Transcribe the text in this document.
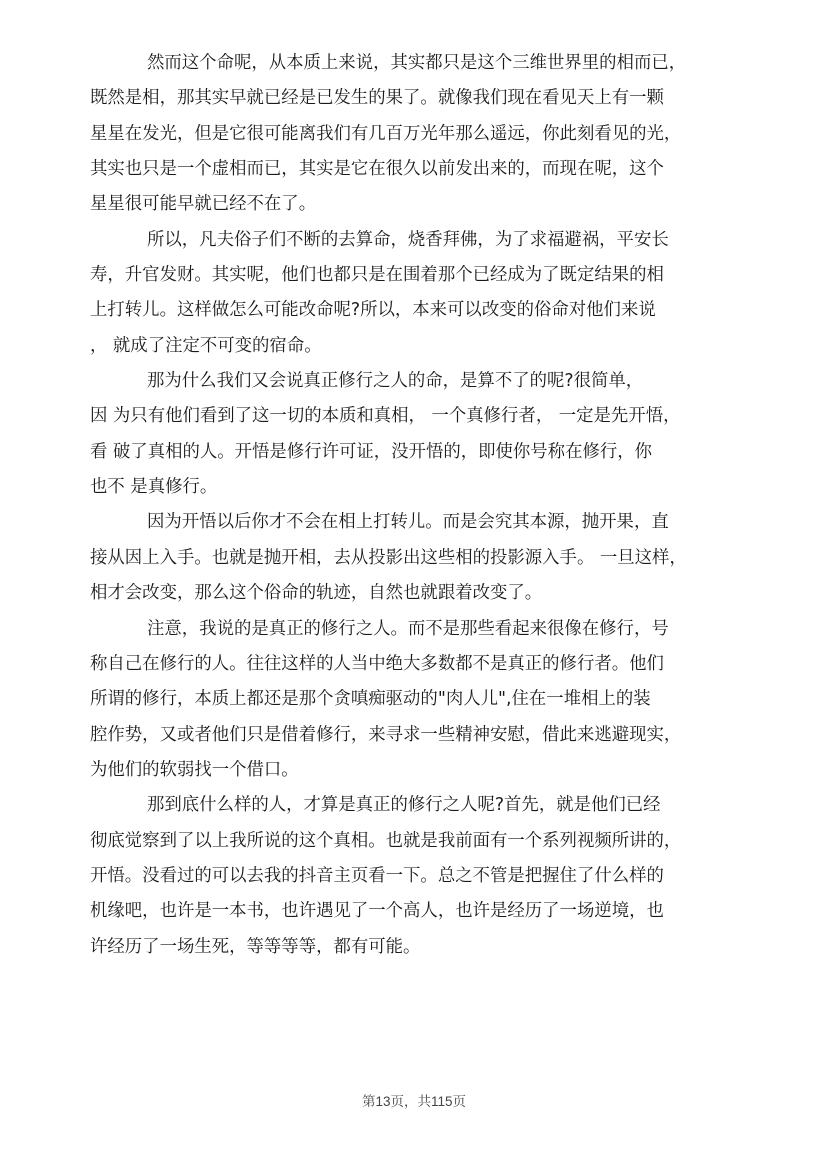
然而这个命呢，从本质上来说，其实都只是这个三维世界里的相而已，
既然是相，那其实早就已经是已发生的果了。就像我们现在看见天上有一颗
星星在发光，但是它很可能离我们有几百万光年那么遥远，你此刻看见的光，
其实也只是一个虚相而已，其实是它在很久以前发出来的，而现在呢，这个
星星很可能早就已经不在了。
所以，凡夫俗子们不断的去算命，烧香拜佛，为了求福避祸，平安长
寿，升官发财。其实呢，他们也都只是在围着那个已经成为了既定结果的相
上打转儿。这样做怎么可能改命呢?所以，本来可以改变的俗命对他们来说
， 就成了注定不可变的宿命。
那为什么我们又会说真正修行之人的命，是算不了的呢?很简单，
因 为只有他们看到了这一切的本质和真相， 一个真修行者， 一定是先开悟，
看 破了真相的人。开悟是修行许可证，没开悟的，即使你号称在修行，你
也不 是真修行。
因为开悟以后你才不会在相上打转儿。而是会究其本源，抛开果，直
接从因上入手。也就是抛开相，去从投影出这些相的投影源入手。 一旦这样，
相才会改变，那么这个俗命的轨迹，自然也就跟着改变了。
注意，我说的是真正的修行之人。而不是那些看起来很像在修行，号
称自己在修行的人。往往这样的人当中绝大多数都不是真正的修行者。他们
所谓的修行，本质上都还是那个贪嗔痴驱动的"肉人儿",住在一堆相上的装
腔作势，又或者他们只是借着修行，来寻求一些精神安慰，借此来逃避现实，
为他们的软弱找一个借口。
那到底什么样的人，才算是真正的修行之人呢?首先，就是他们已经
彻底觉察到了以上我所说的这个真相。也就是我前面有一个系列视频所讲的，
开悟。没看过的可以去我的抖音主页看一下。总之不管是把握住了什么样的
机缘吧，也许是一本书，也许遇见了一个高人，也许是经历了一场逆境，也
许经历了一场生死，等等等等，都有可能。
第13页，共115页
